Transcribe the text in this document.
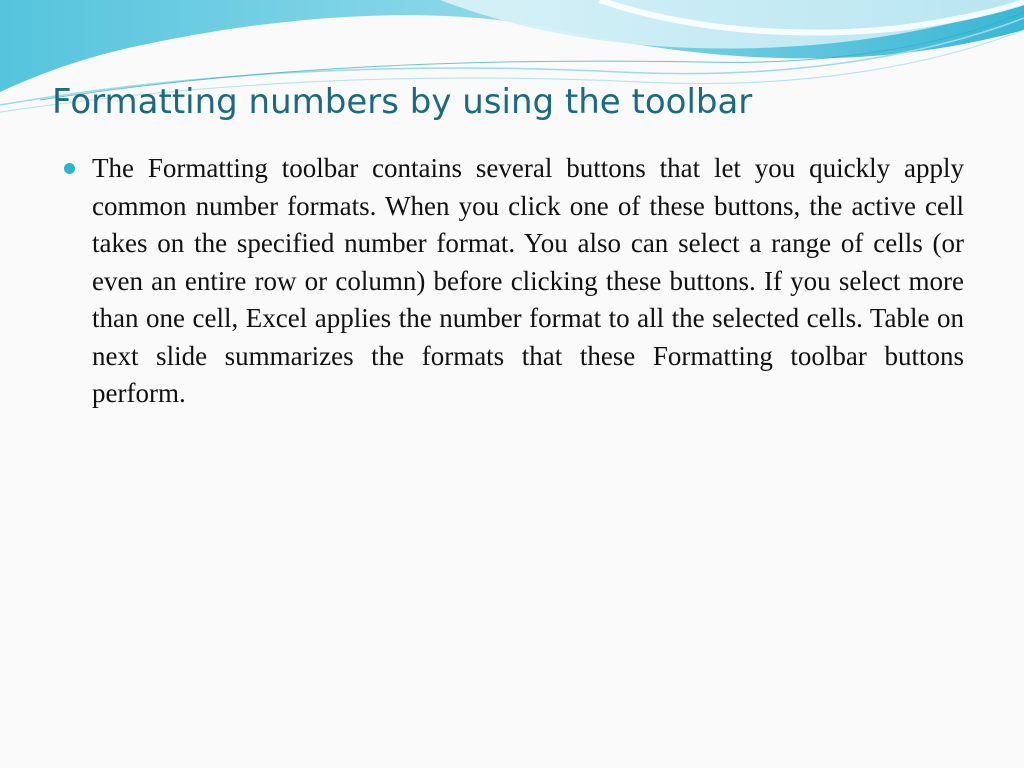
Formatting numbers by using the toolbar
The Formatting toolbar contains several buttons that let you quickly apply common number formats. When you click one of these buttons, the active cell takes on the specified number format. You also can select a range of cells (or even an entire row or column) before clicking these buttons. If you select more than one cell, Excel applies the number format to all the selected cells. Table on next slide summarizes the formats that these Formatting toolbar buttons perform.
